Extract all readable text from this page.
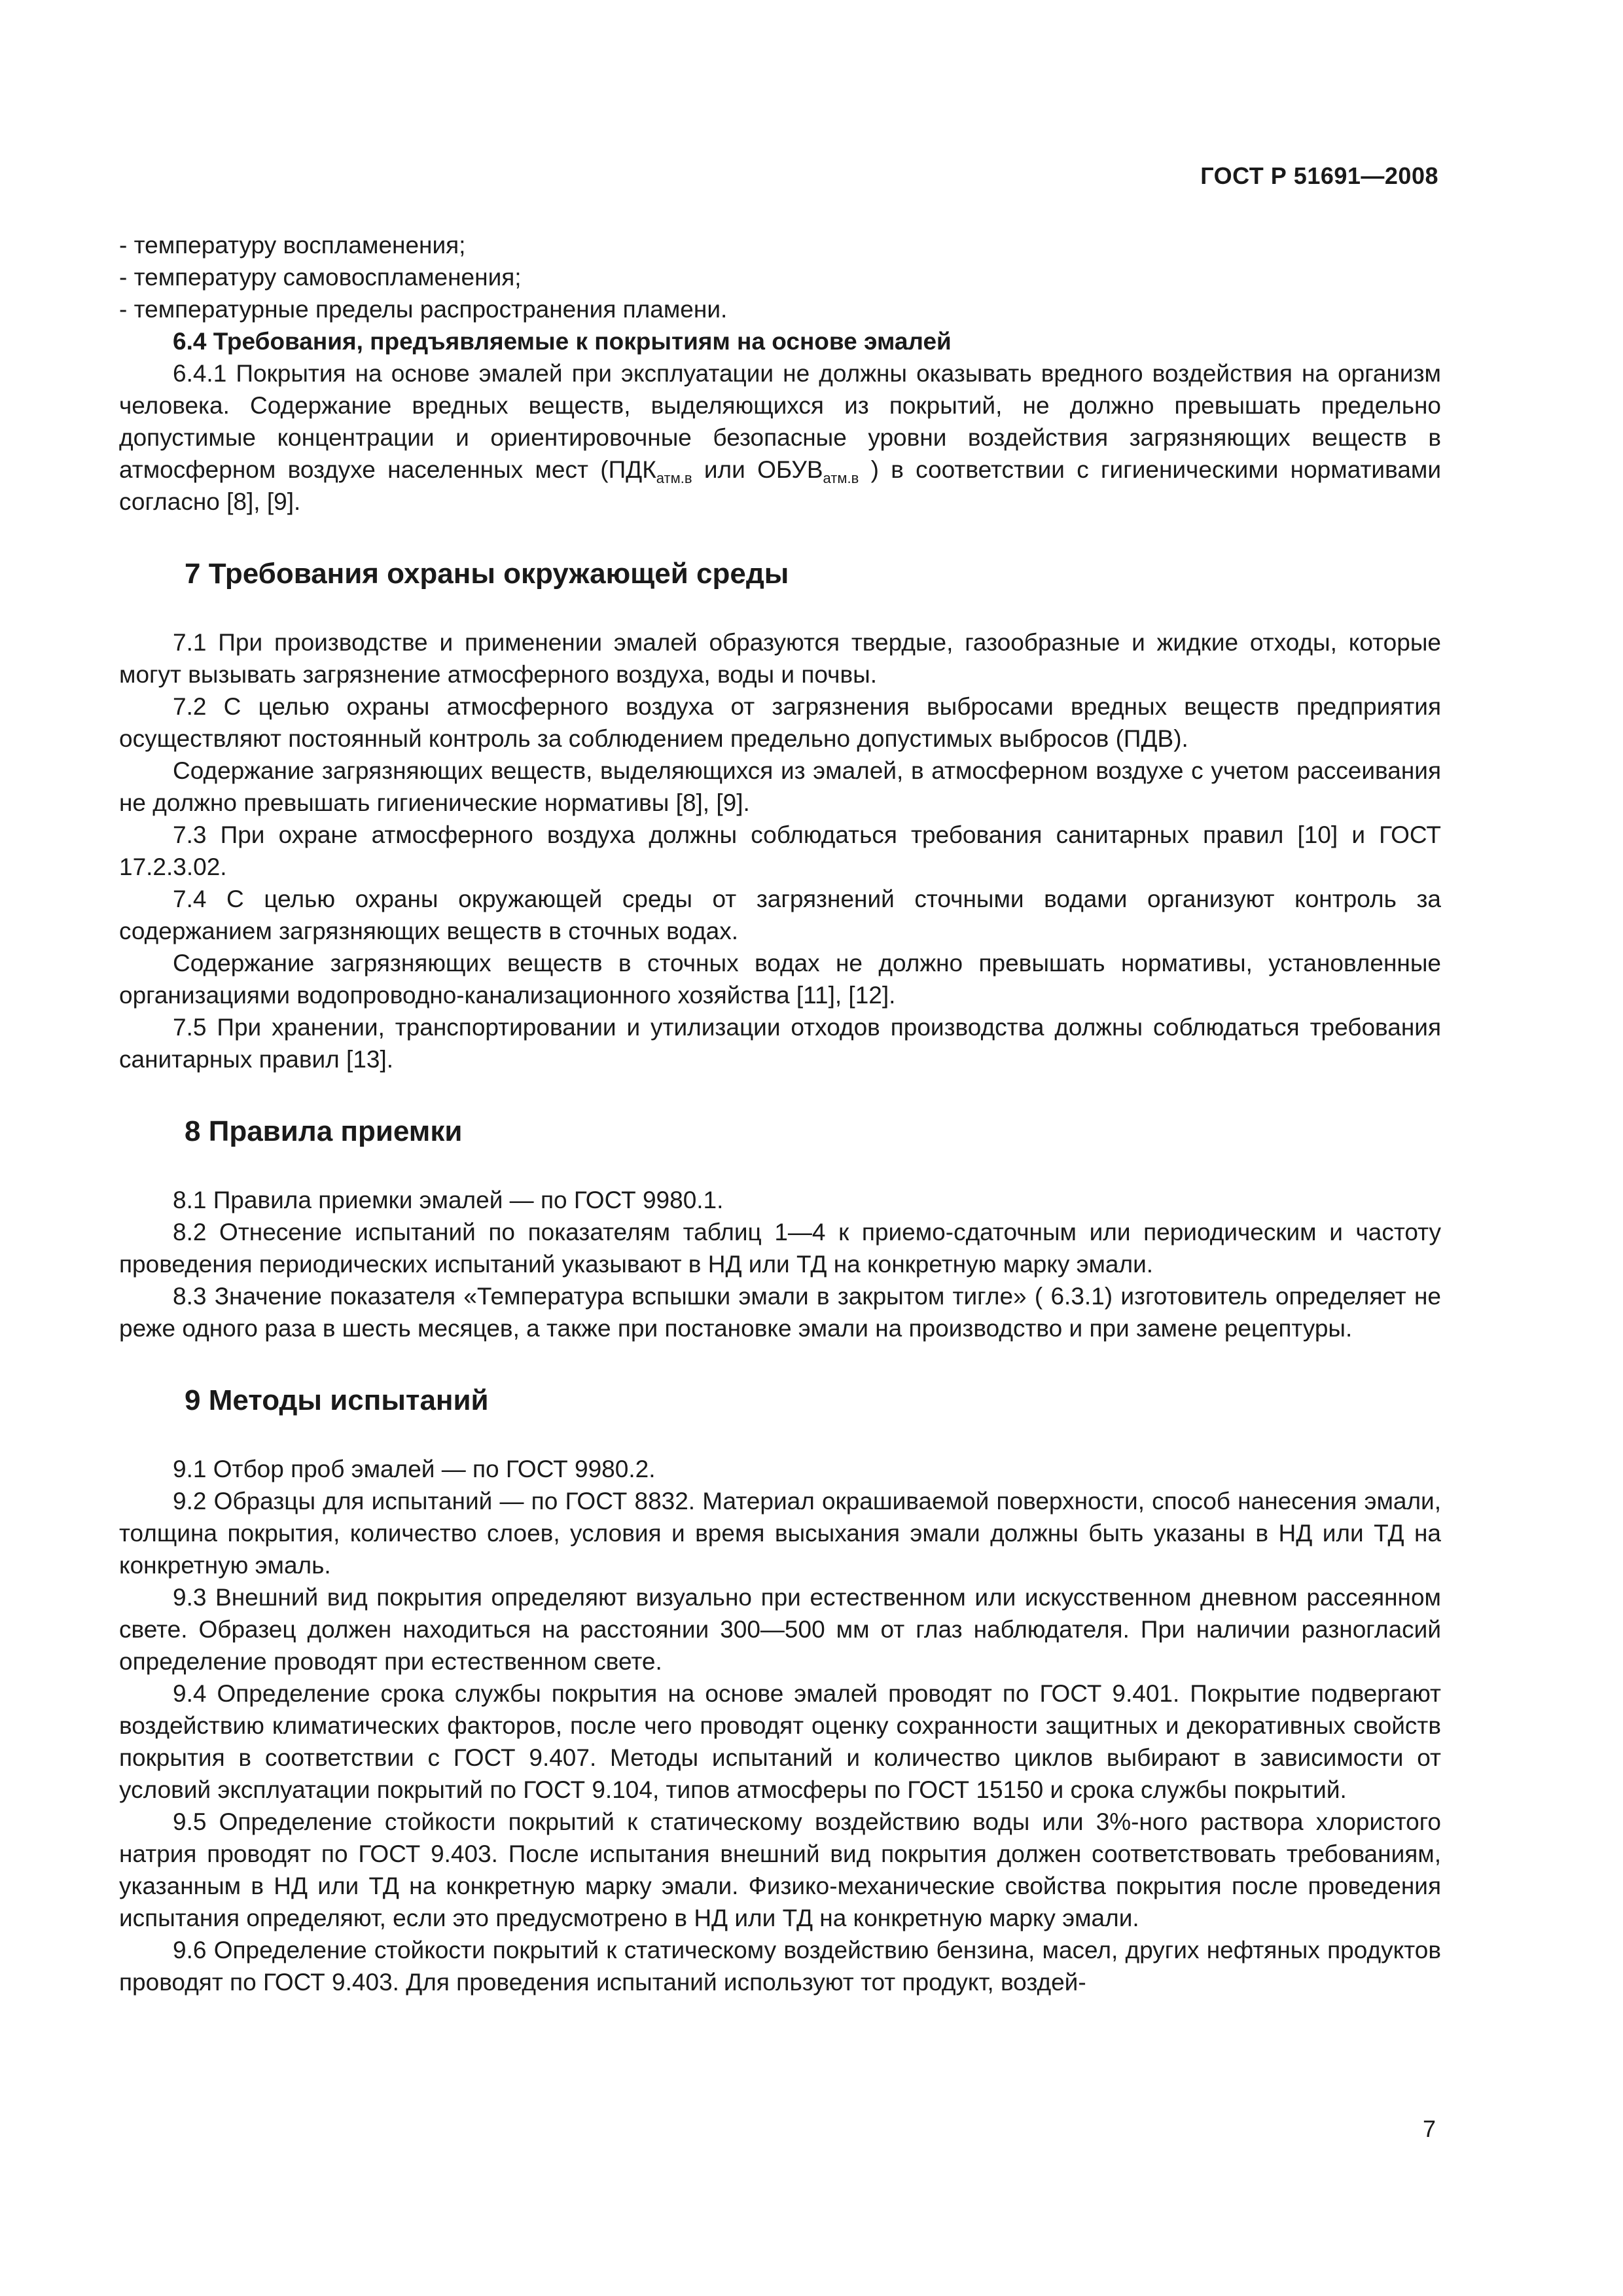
ГОСТ Р 51691—2008

- температуру воспламенения;

- температуру самовоспламенения;

- температурные пределы распространения пламени.

6.4 Требования, предъявляемые к покрытиям на основе эмалей

6.4.1 Покрытия на основе эмалей при эксплуатации не должны оказывать вредного воздействия на организм человека. Содержание вредных веществ, выделяющихся из покрытий, не должно превышать предельно допустимые концентрации и ориентировочные безопасные уровни воздействия загрязняющих веществ в атмосферном воздухе населенных мест ($ПДК_{атм.в}$ или $ОБУВ_{атм.в}$ ) в соответствии с гигиеническими нормативами согласно [8], [9].

7 Требования охраны окружающей среды

7.1 При производстве и применении эмалей образуются твердые, газообразные и жидкие отходы, которые могут вызывать загрязнение атмосферного воздуха, воды и почвы.

7.2 С целью охраны атмосферного воздуха от загрязнения выбросами вредных веществ предприятия осуществляют постоянный контроль за соблюдением предельно допустимых выбросов (ПДВ).

Содержание загрязняющих веществ, выделяющихся из эмалей, в атмосферном воздухе с учетом рассеивания не должно превышать гигиенические нормативы [8], [9].

7.3 При охране атмосферного воздуха должны соблюдаться требования санитарных правил [10] и ГОСТ 17.2.3.02.

7.4 С целью охраны окружающей среды от загрязнений сточными водами организуют контроль за содержанием загрязняющих веществ в сточных водах.

Содержание загрязняющих веществ в сточных водах не должно превышать нормативы, установленные организациями водопроводно-канализационного хозяйства [11], [12].

7.5 При хранении, транспортировании и утилизации отходов производства должны соблюдаться требования санитарных правил [13].

8 Правила приемки

8.1 Правила приемки эмалей — по ГОСТ 9980.1.

8.2 Отнесение испытаний по показателям таблиц 1—4 к приемо-сдаточным или периодическим и частоту проведения периодических испытаний указывают в НД или ТД на конкретную марку эмали.

8.3 Значение показателя «Температура вспышки эмали в закрытом тигле» ( 6.3.1) изготовитель определяет не реже одного раза в шесть месяцев, а также при постановке эмали на производство и при замене рецептуры.

9 Методы испытаний

9.1 Отбор проб эмалей — по ГОСТ 9980.2.

9.2 Образцы для испытаний — по ГОСТ 8832. Материал окрашиваемой поверхности, способ нанесения эмали, толщина покрытия, количество слоев, условия и время высыхания эмали должны быть указаны в НД или ТД на конкретную эмаль.

9.3 Внешний вид покрытия определяют визуально при естественном или искусственном дневном рассеянном свете. Образец должен находиться на расстоянии 300—500 мм от глаз наблюдателя. При наличии разногласий определение проводят при естественном свете.

9.4 Определение срока службы покрытия на основе эмалей проводят по ГОСТ 9.401. Покрытие подвергают воздействию климатических факторов, после чего проводят оценку сохранности защитных и декоративных свойств покрытия в соответствии с ГОСТ 9.407. Методы испытаний и количество циклов выбирают в зависимости от условий эксплуатации покрытий по ГОСТ 9.104, типов атмосферы по ГОСТ 15150 и срока службы покрытий.

9.5 Определение стойкости покрытий к статическому воздействию воды или 3%-ного раствора хлористого натрия проводят по ГОСТ 9.403. После испытания внешний вид покрытия должен соответствовать требованиям, указанным в НД или ТД на конкретную марку эмали. Физико-механические свойства покрытия после проведения испытания определяют, если это предусмотрено в НД или ТД на конкретную марку эмали.

9.6 Определение стойкости покрытий к статическому воздействию бензина, масел, других нефтяных продуктов проводят по ГОСТ 9.403. Для проведения испытаний используют тот продукт, воздей-

7
